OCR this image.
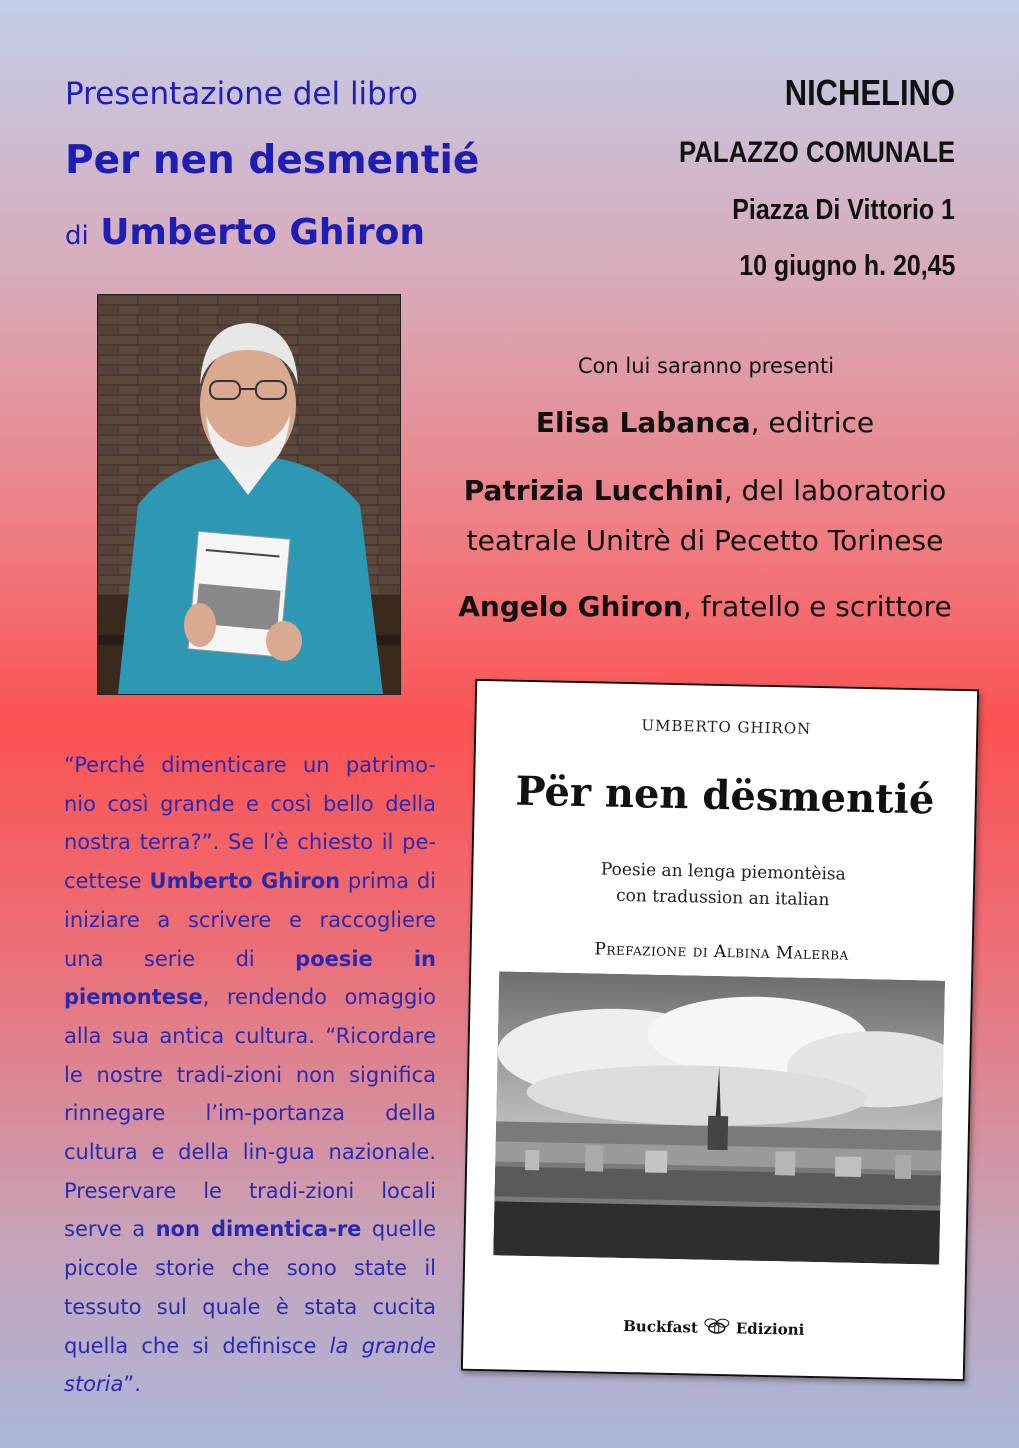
Presentazione del libro
Per nen desmentié
di Umberto Ghiron
NICHELINO
PALAZZO COMUNALE
Piazza Di Vittorio 1
10 giugno h. 20,45
Con lui saranno presenti
Elisa Labanca, editrice
Patrizia Lucchini, del laboratorio
teatrale Unitrè di Pecetto Torinese
Angelo Ghiron, fratello e scrittore
“Perché dimenticare un patrimo-nio così grande e così bello della nostra terra?”. Se l’è chiesto il pe-cettese Umberto Ghiron prima di iniziare a scrivere e raccogliere una serie di poesie in piemontese, rendendo omaggio alla sua antica cultura. “Ricordare le nostre tradi-zioni non significa rinnegare l’im-portanza della cultura e della lin-gua nazionale. Preservare le tradi-zioni locali serve a non dimentica-re quelle piccole storie che sono state il tessuto sul quale è stata cucita quella che si definisce la grande storia”.
UMBERTO GHIRON
Për nen dësmentié
Poesie an lenga piemontèisa
con tradussion an italian
Prefazione di Albina Malerba
Buckfast	Edizioni
